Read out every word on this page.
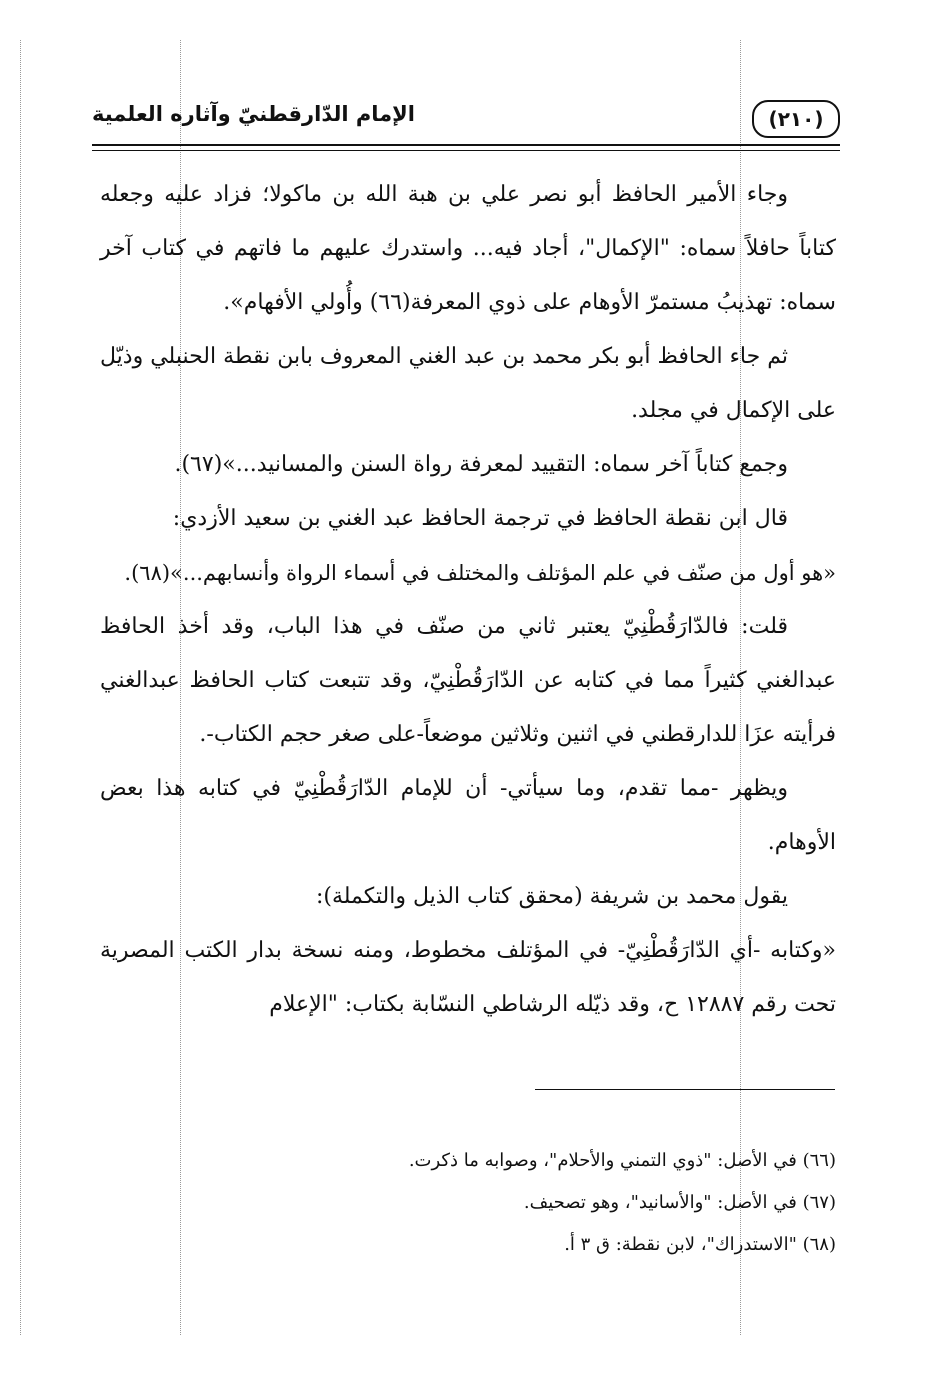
(٢١٠)
الإمام الدّارقطنيّ وآثاره العلمية

وجاء الأمير الحافظ أبو نصر علي بن هبة الله بن ماكولا؛ فزاد عليه وجعله كتاباً حافلاً سماه: "الإكمال"، أجاد فيه... واستدرك عليهم ما فاتهم في كتاب آخر سماه: تهذيبُ مستمرّ الأوهام على ذوي المعرفة(٦٦) وأُولي الأفهام».

ثم جاء الحافظ أبو بكر محمد بن عبد الغني المعروف بابن نقطة الحنبلي وذيّل على الإكمال في مجلد.

وجمع كتاباً آخر سماه: التقييد لمعرفة رواة السنن والمسانيد...»(٦٧).

قال ابن نقطة الحافظ في ترجمة الحافظ عبد الغني بن سعيد الأزدي:

«هو أول من صنّف في علم المؤتلف والمختلف في أسماء الرواة وأنسابهم...»(٦٨).

قلت: فالدّارَقُطْنِيّ يعتبر ثاني من صنّف في هذا الباب، وقد أخذ الحافظ عبدالغني كثيراً مما في كتابه عن الدّارَقُطْنِيّ، وقد تتبعت كتاب الحافظ عبدالغني فرأيته عزَا للدارقطني في اثنين وثلاثين موضعاً-على صغر حجم الكتاب-.

ويظهر -مما تقدم، وما سيأتي- أن للإمام الدّارَقُطْنِيّ في كتابه هذا بعض الأوهام.

يقول محمد بن شريفة (محقق كتاب الذيل والتكملة):

«وكتابه -أي الدّارَقُطْنِيّ- في المؤتلف مخطوط، ومنه نسخة بدار الكتب المصرية تحت رقم ١٢٨٨٧ ح، وقد ذيّله الرشاطي النسّابة بكتاب: "الإعلام

(٦٦) في الأصل: "ذوي التمني والأحلام"، وصوابه ما ذكرت.

(٦٧) في الأصل: "والأسانيد"، وهو تصحيف.

(٦٨) "الاستدراك"، لابن نقطة: ق ٣ أ.
